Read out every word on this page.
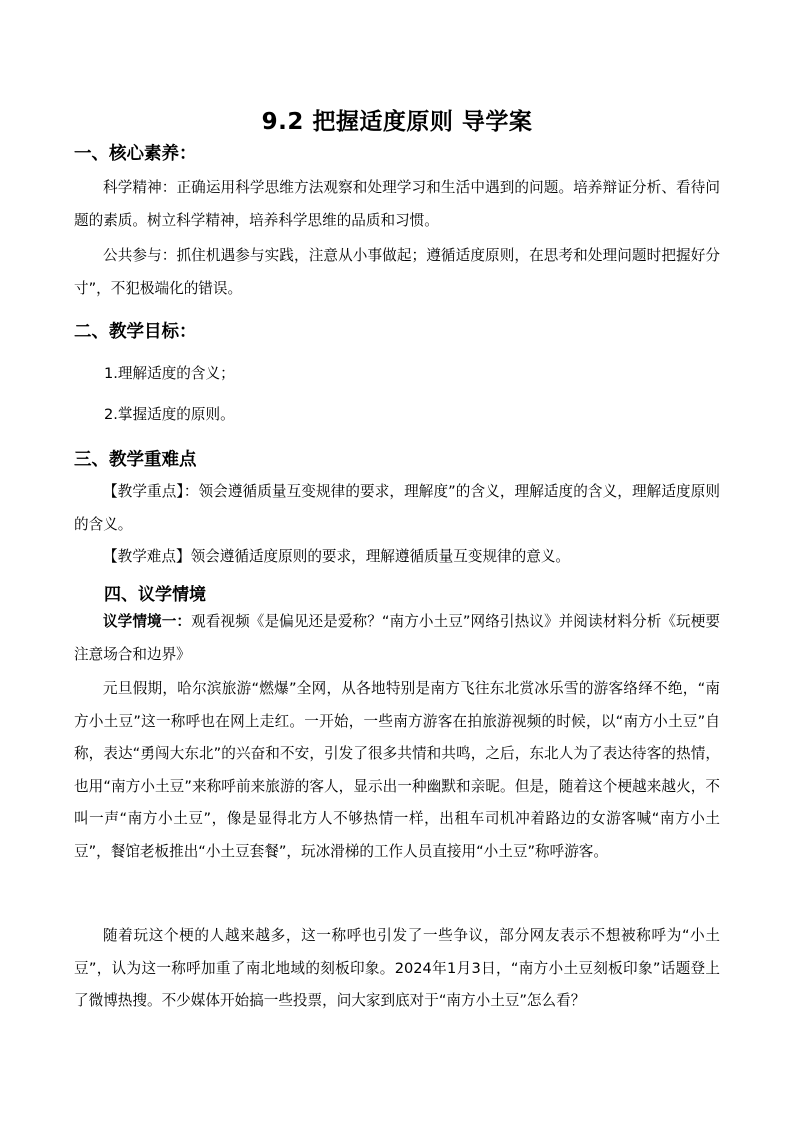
9.2 把握适度原则 导学案
一、核心素养：
科学精神：正确运用科学思维方法观察和处理学习和生活中遇到的问题。培养辩证分析、看待问题的素质。树立科学精神，培养科学思维的品质和习惯。
公共参与：抓住机遇参与实践，注意从小事做起；遵循适度原则，在思考和处理问题时把握好分寸”，不犯极端化的错误。
二、教学目标：
1.理解适度的含义；
2.掌握适度的原则。
三、教学重难点
【教学重点】：领会遵循质量互变规律的要求，理解度”的含义，理解适度的含义，理解适度原则的含义。
【教学难点】领会遵循适度原则的要求，理解遵循质量互变规律的意义。
四、议学情境
议学情境一：观看视频《是偏见还是爱称？“南方小土豆”网络引热议》并阅读材料分析《玩梗要注意场合和边界》
元旦假期，哈尔滨旅游“燃爆”全网，从各地特别是南方飞往东北赏冰乐雪的游客络绎不绝，“南方小土豆”这一称呼也在网上走红。一开始，一些南方游客在拍旅游视频的时候，以“南方小土豆”自称，表达“勇闯大东北”的兴奋和不安，引发了很多共情和共鸣，之后，东北人为了表达待客的热情，也用“南方小土豆”来称呼前来旅游的客人，显示出一种幽默和亲昵。但是，随着这个梗越来越火，不叫一声“南方小土豆”，像是显得北方人不够热情一样，出租车司机冲着路边的女游客喊“南方小土豆”，餐馆老板推出“小土豆套餐”，玩冰滑梯的工作人员直接用“小土豆”称呼游客。
随着玩这个梗的人越来越多，这一称呼也引发了一些争议，部分网友表示不想被称呼为“小土豆”，认为这一称呼加重了南北地域的刻板印象。2024年1月3日，“南方小土豆刻板印象”话题登上了微博热搜。不少媒体开始搞一些投票，问大家到底对于“南方小土豆”怎么看？
